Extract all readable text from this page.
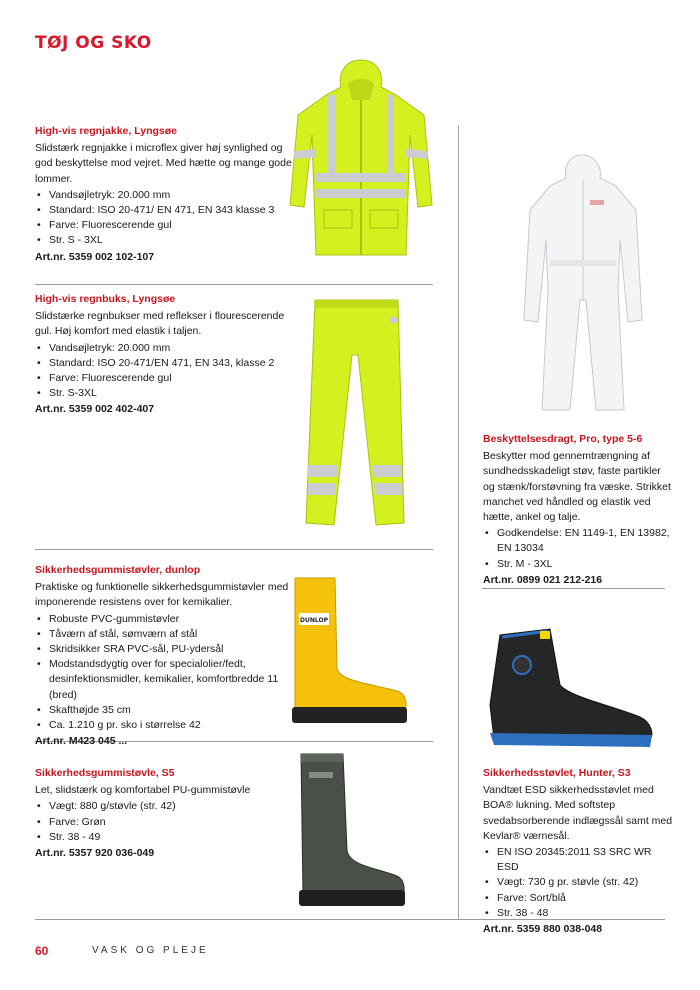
TØJ OG SKO
High-vis regnjakke, Lyngsøe

Slidstærk regnjakke i microflex giver høj synlighed og god beskyttelse mod vejret. Med hætte og mange gode lommer.

• Vandsøjletryk: 20.000 mm
• Standard: ISO 20-471/ EN 471, EN 343 klasse 3
• Farve: Fluorescerende gul
• Str. S - 3XL
Art.nr. 5359 002 102-107
High-vis regnbuks, Lyngsøe

Slidstærke regnbukser med reflekser i flourescerende gul. Høj komfort med elastik i taljen.

• Vandsøjletryk: 20.000 mm
• Standard: ISO 20-471/EN 471, EN 343, klasse 2
• Farve: Fluorescerende gul
• Str. S-3XL
Art.nr. 5359 002 402-407
Sikkerhedsgummistøvler, dunlop

Praktiske og funktionelle sikkerhedsgummistøvler med imponerende resistens over for kemikalier.

• Robuste PVC-gummistøvler
• Tåværn af stål, sømværn af stål
• Skridsikker SRA PVC-sål, PU-ydersål
• Modstandsdygtig over for specialolier/fedt, desinfektionsmidler, kemikalier, komfortbredde 11 (bred)
• Skafthøjde 35 cm
• Ca. 1.210 g pr. sko i størrelse 42
Art.nr. M423 045 ...
DUNLOP
Sikkerhedsgummistøvle, S5

Let, slidstærk og komfortabel PU-gummistøvle

• Vægt: 880 g/støvle (str. 42)
• Farve: Grøn
• Str. 38 - 49
Art.nr. 5357 920 036-049
Beskyttelsesdragt, Pro, type 5-6

Beskytter mod gennemtrængning af sundhedsskadeligt støv, faste partikler og stænk/forstøvning fra væske. Strikket manchet ved håndled og elastik ved hætte, ankel og talje.

• Godkendelse: EN 1149-1, EN 13982, EN 13034
• Str. M - 3XL
Art.nr. 0899 021 212-216
Sikkerhedsstøvlet, Hunter, S3

Vandtæt ESD sikkerhedsstøvlet med BOA® lukning. Med softstep svedabsorberende indlægssål samt med Kevlar® værnesål.

• EN ISO 20345:2011 S3 SRC WR ESD
• Vægt: 730 g pr. støvle (str. 42)
• Farve: Sort/blå
• Str. 38 - 48
Art.nr. 5359 880 038-048
60	VASK OG PLEJE
